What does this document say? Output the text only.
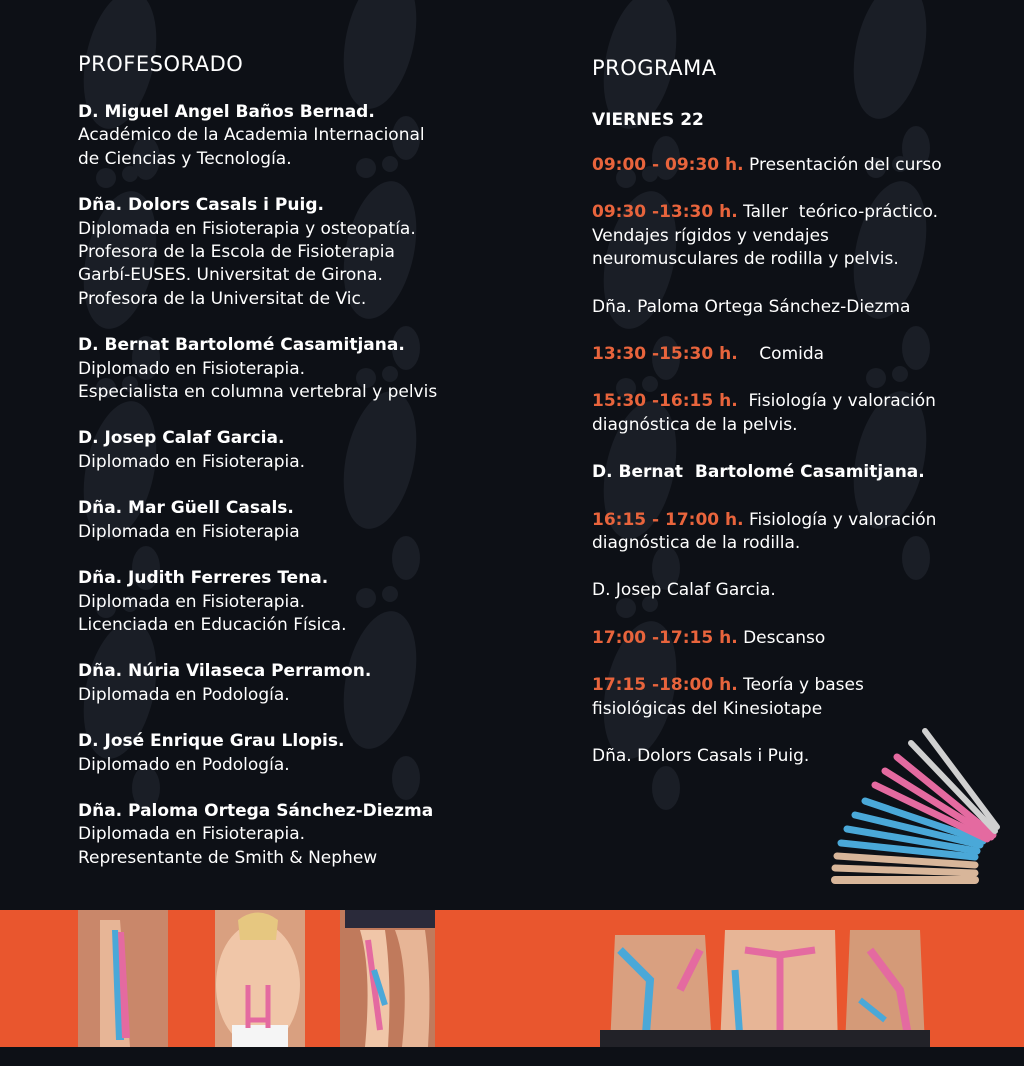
PROFESORADO
D. Miguel Angel Baños Bernad.
Académico de la Academia Internacional
de Ciencias y Tecnología.
Dña. Dolors Casals i Puig.
Diplomada en Fisioterapia y osteopatía.
Profesora de la Escola de Fisioterapia
Garbí-EUSES. Universitat de Girona.
Profesora de la Universitat de Vic.
D. Bernat Bartolomé Casamitjana.
Diplomado en Fisioterapia.
Especialista en columna vertebral y pelvis
D. Josep Calaf Garcia.
Diplomado en Fisioterapia.
Dña. Mar Güell Casals.
Diplomada en Fisioterapia
Dña. Judith Ferreres Tena.
Diplomada en Fisioterapia.
Licenciada en Educación Física.
Dña. Núria Vilaseca Perramon.
Diplomada en Podología.
D. José Enrique Grau Llopis.
Diplomado en Podología.
Dña. Paloma Ortega Sánchez-Diezma
Diplomada en Fisioterapia.
Representante de Smith & Nephew
PROGRAMA
VIERNES 22
09:00 - 09:30 h. Presentación del curso
09:30 -13:30 h. Taller  teórico-práctico.
Vendajes rígidos y vendajes
neuromusculares de rodilla y pelvis.
Dña. Paloma Ortega Sánchez-Diezma
13:30 -15:30 h.    Comida
15:30 -16:15 h.  Fisiología y valoración
diagnóstica de la pelvis.
D. Bernat  Bartolomé Casamitjana.
16:15 - 17:00 h. Fisiología y valoración
diagnóstica de la rodilla.
D. Josep Calaf Garcia.
17:00 -17:15 h. Descanso
17:15 -18:00 h. Teoría y bases
fisiológicas del Kinesiotape
Dña. Dolors Casals i Puig.
